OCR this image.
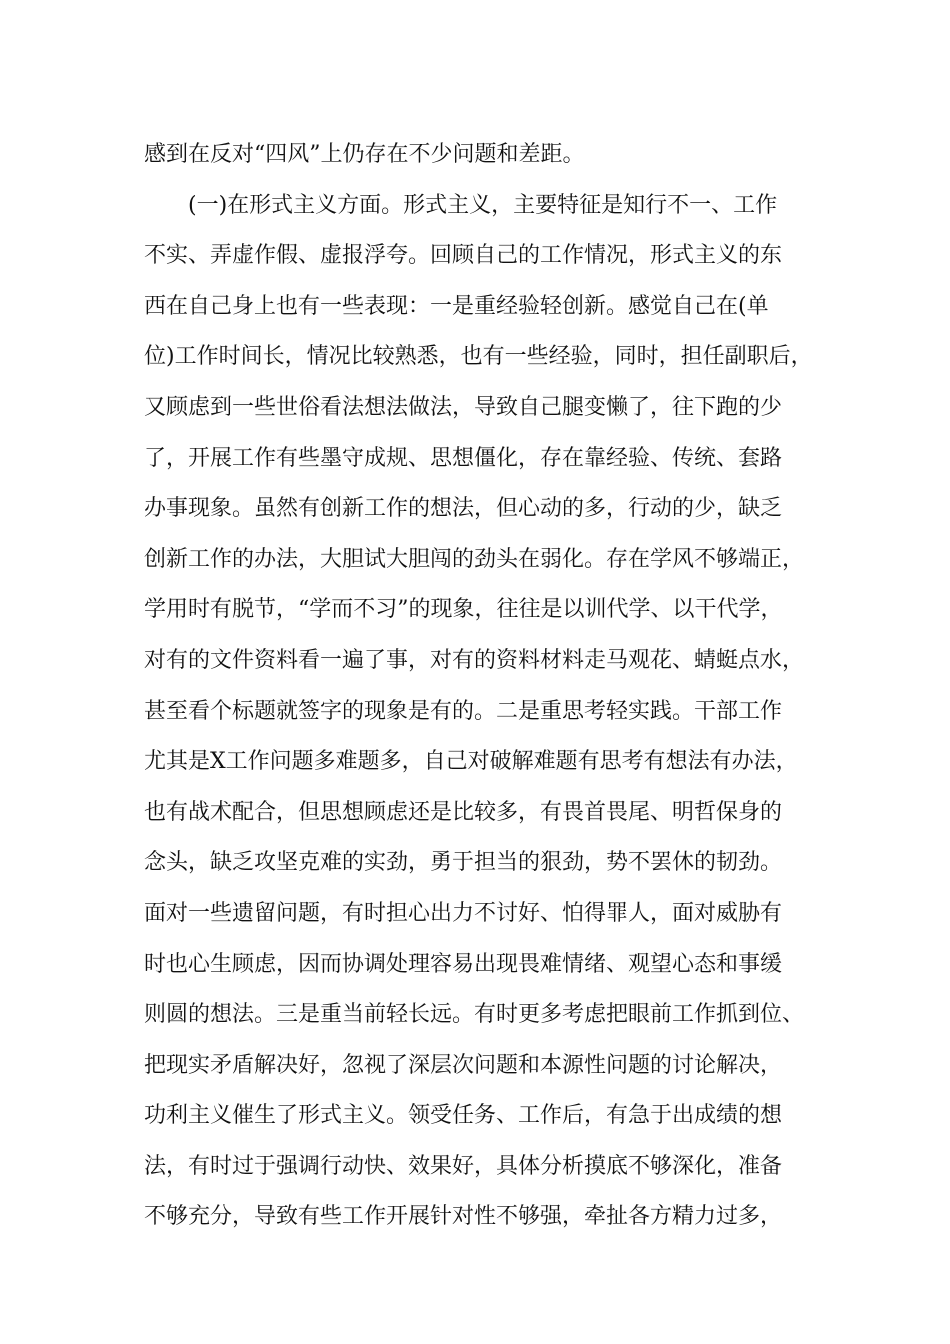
感到在反对“四风”上仍存在不少问题和差距。
　　(一)在形式主义方面。形式主义，主要特征是知行不一、工作
不实、弄虚作假、虚报浮夸。回顾自己的工作情况，形式主义的东
西在自己身上也有一些表现：一是重经验轻创新。感觉自己在(单
位)工作时间长，情况比较熟悉，也有一些经验，同时，担任副职后，
又顾虑到一些世俗看法想法做法，导致自己腿变懒了，往下跑的少
了，开展工作有些墨守成规、思想僵化，存在靠经验、传统、套路
办事现象。虽然有创新工作的想法，但心动的多，行动的少，缺乏
创新工作的办法，大胆试大胆闯的劲头在弱化。存在学风不够端正，
学用时有脱节，“学而不习”的现象，往往是以训代学、以干代学，
对有的文件资料看一遍了事，对有的资料材料走马观花、蜻蜓点水，
甚至看个标题就签字的现象是有的。二是重思考轻实践。干部工作
尤其是X工作问题多难题多，自己对破解难题有思考有想法有办法，
也有战术配合，但思想顾虑还是比较多，有畏首畏尾、明哲保身的
念头，缺乏攻坚克难的实劲，勇于担当的狠劲，势不罢休的韧劲。
面对一些遗留问题，有时担心出力不讨好、怕得罪人，面对威胁有
时也心生顾虑，因而协调处理容易出现畏难情绪、观望心态和事缓
则圆的想法。三是重当前轻长远。有时更多考虑把眼前工作抓到位、
把现实矛盾解决好，忽视了深层次问题和本源性问题的讨论解决，
功利主义催生了形式主义。领受任务、工作后，有急于出成绩的想
法，有时过于强调行动快、效果好，具体分析摸底不够深化，准备
不够充分，导致有些工作开展针对性不够强，牵扯各方精力过多，
